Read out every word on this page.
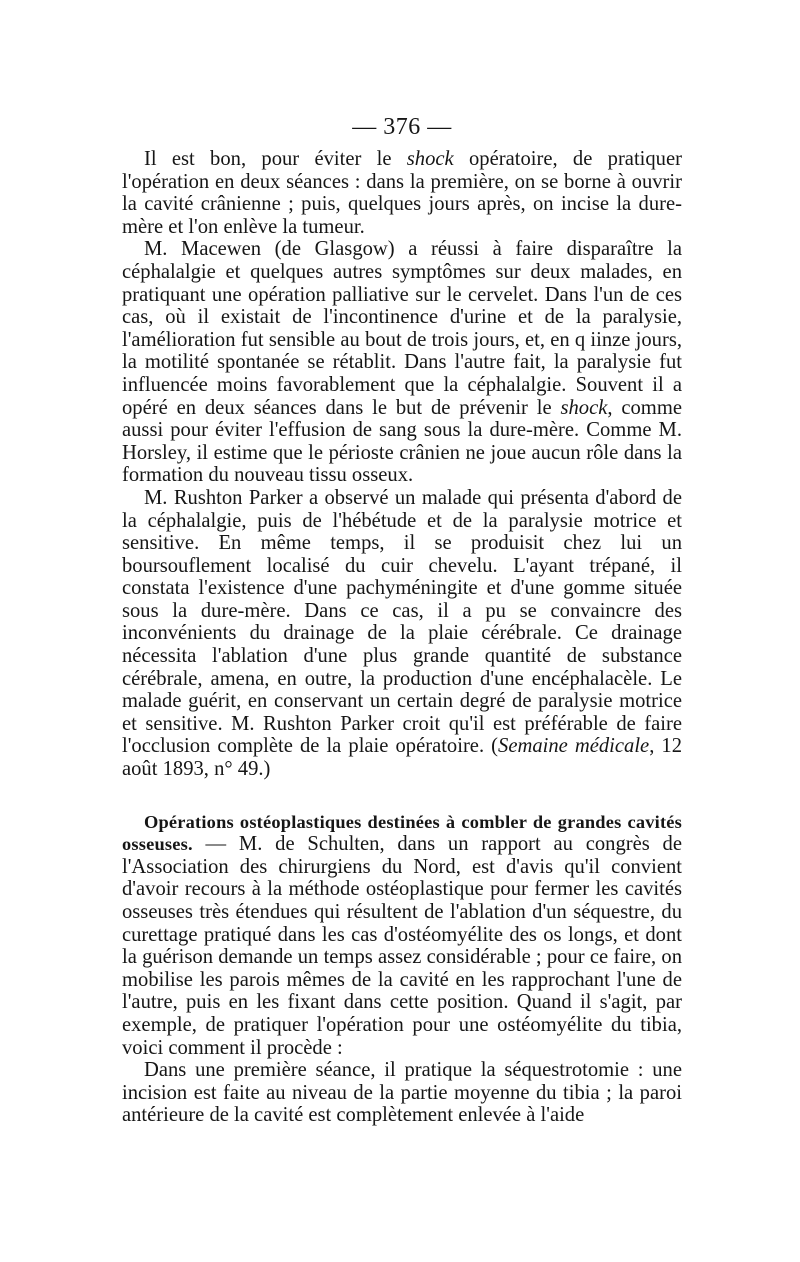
— 376 —

Il est bon, pour éviter le shock opératoire, de pratiquer l'opération en deux séances : dans la première, on se borne à ouvrir la cavité crânienne ; puis, quelques jours après, on incise la dure-mère et l'on enlève la tumeur.

M. Macewen (de Glasgow) a réussi à faire disparaître la céphalalgie et quelques autres symptômes sur deux malades, en pratiquant une opération palliative sur le cervelet. Dans l'un de ces cas, où il existait de l'incontinence d'urine et de la paralysie, l'amélioration fut sensible au bout de trois jours, et, en q iinze jours, la motilité spontanée se rétablit. Dans l'autre fait, la paralysie fut influencée moins favorablement que la céphalalgie. Souvent il a opéré en deux séances dans le but de prévenir le shock, comme aussi pour éviter l'effusion de sang sous la dure-mère. Comme M. Horsley, il estime que le périoste crânien ne joue aucun rôle dans la formation du nouveau tissu osseux.

M. Rushton Parker a observé un malade qui présenta d'abord de la céphalalgie, puis de l'hébétude et de la paralysie motrice et sensitive. En même temps, il se produisit chez lui un boursouflement localisé du cuir chevelu. L'ayant trépané, il constata l'existence d'une pachyméningite et d'une gomme située sous la dure-mère. Dans ce cas, il a pu se convaincre des inconvénients du drainage de la plaie cérébrale. Ce drainage nécessita l'ablation d'une plus grande quantité de substance cérébrale, amena, en outre, la production d'une encéphalacèle. Le malade guérit, en conservant un certain degré de paralysie motrice et sensitive. M. Rushton Parker croit qu'il est préférable de faire l'occlusion complète de la plaie opératoire. (Semaine médicale, 12 août 1893, n° 49.)

Opérations ostéoplastiques destinées à combler de grandes cavités osseuses. — M. de Schulten, dans un rapport au congrès de l'Association des chirurgiens du Nord, est d'avis qu'il convient d'avoir recours à la méthode ostéoplastique pour fermer les cavités osseuses très étendues qui résultent de l'ablation d'un séquestre, du curettage pratiqué dans les cas d'ostéomyélite des os longs, et dont la guérison demande un temps assez considérable ; pour ce faire, on mobilise les parois mêmes de la cavité en les rapprochant l'une de l'autre, puis en les fixant dans cette position. Quand il s'agit, par exemple, de pratiquer l'opération pour une ostéomyélite du tibia, voici comment il procède :

Dans une première séance, il pratique la séquestrotomie : une incision est faite au niveau de la partie moyenne du tibia ; la paroi antérieure de la cavité est complètement enlevée à l'aide
